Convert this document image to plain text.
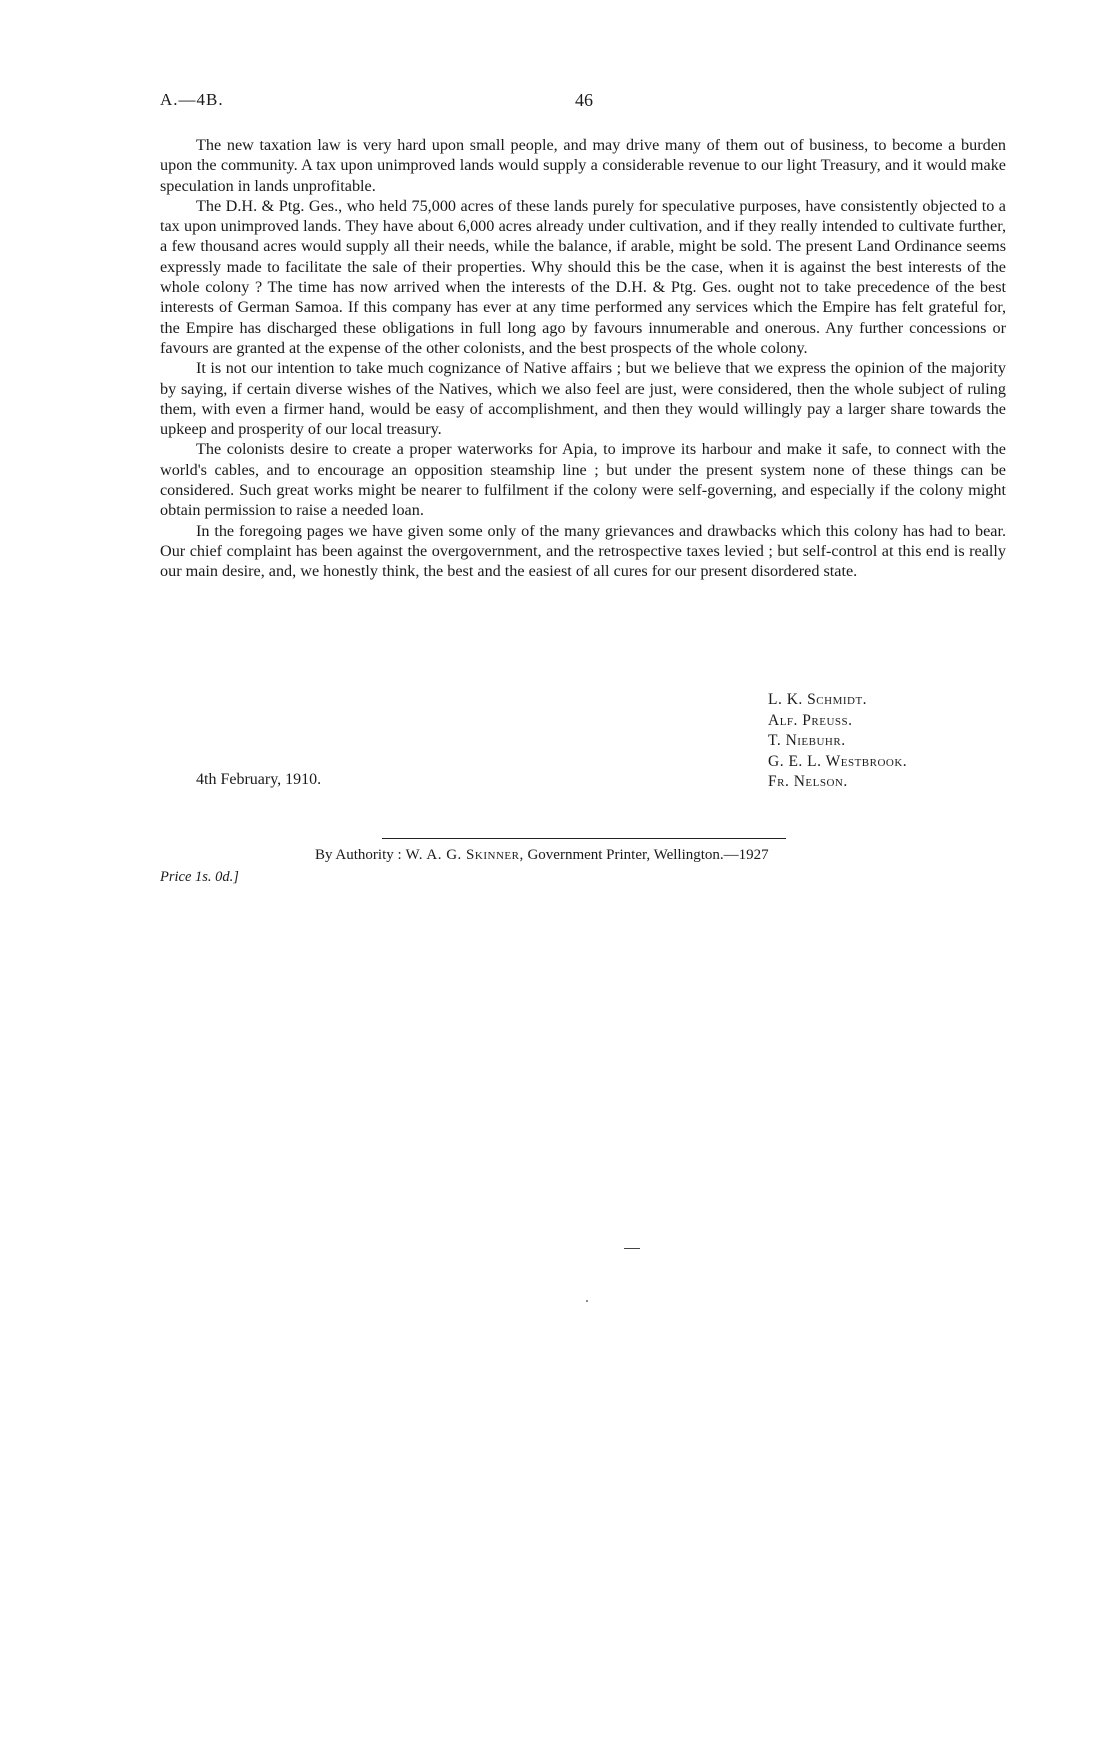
A.—4B.	46

The new taxation law is very hard upon small people, and may drive many of them out of business, to become a burden upon the community. A tax upon unimproved lands would supply a considerable revenue to our light Treasury, and it would make speculation in lands unprofitable.

The D.H. & Ptg. Ges., who held 75,000 acres of these lands purely for speculative purposes, have consistently objected to a tax upon unimproved lands. They have about 6,000 acres already under cultivation, and if they really intended to cultivate further, a few thousand acres would supply all their needs, while the balance, if arable, might be sold. The present Land Ordinance seems expressly made to facilitate the sale of their properties. Why should this be the case, when it is against the best interests of the whole colony ? The time has now arrived when the interests of the D.H. & Ptg. Ges. ought not to take precedence of the best interests of German Samoa. If this company has ever at any time performed any services which the Empire has felt grateful for, the Empire has discharged these obligations in full long ago by favours innumerable and onerous. Any further concessions or favours are granted at the expense of the other colonists, and the best prospects of the whole colony.

It is not our intention to take much cognizance of Native affairs ; but we believe that we express the opinion of the majority by saying, if certain diverse wishes of the Natives, which we also feel are just, were considered, then the whole subject of ruling them, with even a firmer hand, would be easy of accomplishment, and then they would willingly pay a larger share towards the upkeep and prosperity of our local treasury.

The colonists desire to create a proper waterworks for Apia, to improve its harbour and make it safe, to connect with the world's cables, and to encourage an opposition steamship line ; but under the present system none of these things can be considered. Such great works might be nearer to fulfilment if the colony were self-governing, and especially if the colony might obtain permission to raise a needed loan.

In the foregoing pages we have given some only of the many grievances and drawbacks which this colony has had to bear. Our chief complaint has been against the overgovernment, and the retrospective taxes levied ; but self-control at this end is really our main desire, and, we honestly think, the best and the easiest of all cures for our present disordered state.

L. K. Schmidt.
Alf. Preuss.
T. Niebuhr.
G. E. L. Westbrook.
Fr. Nelson.
4th February, 1910.
By Authority : W. A. G. Skinner, Government Printer, Wellington.—1927
Price 1s. 0d.]
